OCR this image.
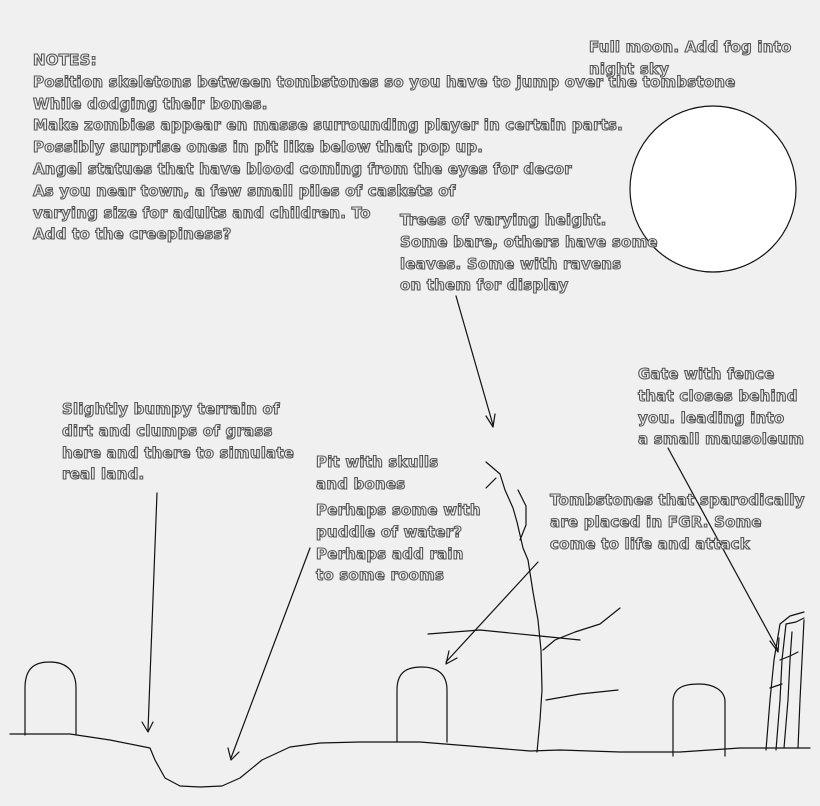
NOTES:
Position skeletons between tombstones so you have to jump over the tombstone
While dodging their bones.
Make zombies appear en masse surrounding player in certain parts.
Possibly surprise ones in pit like below that pop up.
Angel statues that have blood coming from the eyes for decor
As you near town, a few small piles of caskets of
varying size for adults and children. To
Add to the creepiness?
Full moon. Add fog into
night sky
Trees of varying height.
Some bare, others have some
leaves. Some with ravens
on them for display
Slightly bumpy terrain of
dirt and clumps of grass
here and there to simulate
real land.
Pit with skulls
and bones
Perhaps some with
puddle of water?
Perhaps add rain
to some rooms
Gate with fence
that closes behind
you. leading into
a small mausoleum
Tombstones that sparodically
are placed in FGR. Some
come to life and attack
